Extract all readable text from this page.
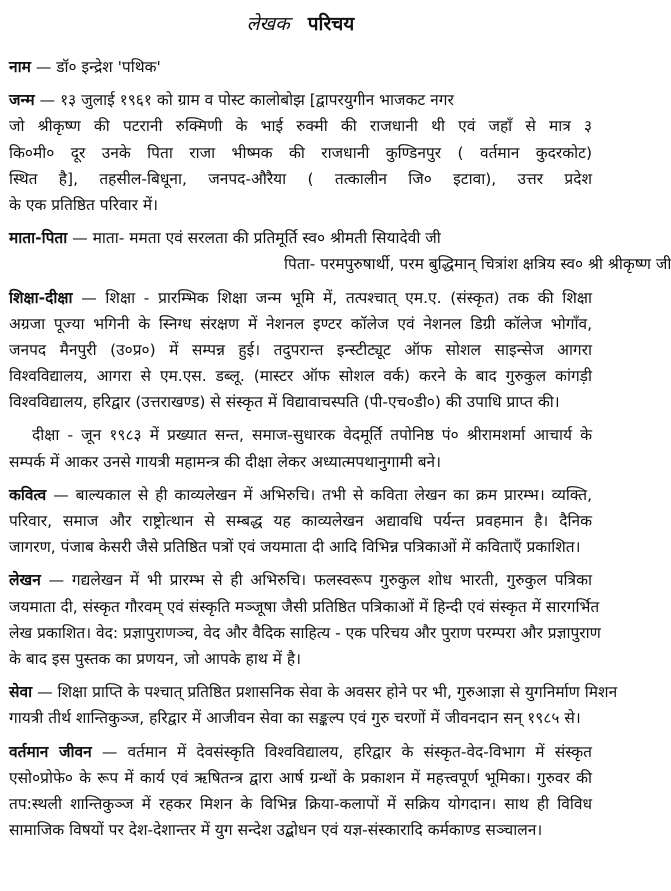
लेखक परिचय
नाम — डॉ० इन्द्रेश 'पथिक'
जन्म — १३ जुलाई १९६१ को ग्राम व पोस्ट कालोबोझ [द्वापरयुगीन भाजकट नगर
जो श्रीकृष्ण की पटरानी रुक्मिणी के भाई रुक्मी की राजधानी थी एवं जहाँ से मात्र ३
कि०मी० दूर उनके पिता राजा भीष्मक की राजधानी कुण्डिनपुर ( वर्तमान कुदरकोट)
स्थित है], तहसील-बिधूना, जनपद-औरैया ( तत्कालीन जि० इटावा), उत्तर प्रदेश
के एक प्रतिष्ठित परिवार में।
माता-पिता — माता- ममता एवं सरलता की प्रतिमूर्ति स्व० श्रीमती सियादेवी जी
पिता- परमपुरुषार्थी, परम बुद्धिमान् चित्रांश क्षत्रिय स्व० श्री श्रीकृष्ण जी
शिक्षा-दीक्षा — शिक्षा - प्रारम्भिक शिक्षा जन्म भूमि में, तत्पश्चात् एम.ए. (संस्कृत) तक की शिक्षा
अग्रजा पूज्या भगिनी के स्निग्ध संरक्षण में नेशनल इण्टर कॉलेज एवं नेशनल डिग्री कॉलेज भोगाँव,
जनपद मैनपुरी (उ०प्र०) में सम्पन्न हुई। तदुपरान्त इन्स्टीट्यूट ऑफ सोशल साइन्सेज आगरा
विश्वविद्यालय, आगरा से एम.एस. डब्लू. (मास्टर ऑफ सोशल वर्क) करने के बाद गुरुकुल कांगड़ी
विश्वविद्यालय, हरिद्वार (उत्तराखण्ड) से संस्कृत में विद्यावाचस्पति (पी-एच०डी०) की उपाधि प्राप्त की।
दीक्षा - जून १९८३ में प्रख्यात सन्त, समाज-सुधारक वेदमूर्ति तपोनिष्ठ पं० श्रीरामशर्मा आचार्य के
सम्पर्क में आकर उनसे गायत्री महामन्त्र की दीक्षा लेकर अध्यात्मपथानुगामी बने।
कवित्व — बाल्यकाल से ही काव्यलेखन में अभिरुचि। तभी से कविता लेखन का क्रम प्रारम्भ। व्यक्ति,
परिवार, समाज और राष्ट्रोत्थान से सम्बद्ध यह काव्यलेखन अद्यावधि पर्यन्त प्रवहमान है। दैनिक
जागरण, पंजाब केसरी जैसे प्रतिष्ठित पत्रों एवं जयमाता दी आदि विभिन्न पत्रिकाओं में कविताएँ प्रकाशित।
लेखन — गद्यलेखन में भी प्रारम्भ से ही अभिरुचि। फलस्वरूप गुरुकुल शोध भारती, गुरुकुल पत्रिका
जयमाता दी, संस्कृत गौरवम् एवं संस्कृति मञ्जूषा जैसी प्रतिष्ठित पत्रिकाओं में हिन्दी एवं संस्कृत में सारगर्भित
लेख प्रकाशित। वेद: प्रज्ञापुराणञ्च, वेद और वैदिक साहित्य - एक परिचय और पुराण परम्परा और प्रज्ञापुराण
के बाद इस पुस्तक का प्रणयन, जो आपके हाथ में है।
सेवा — शिक्षा प्राप्ति के पश्चात् प्रतिष्ठित प्रशासनिक सेवा के अवसर होने पर भी, गुरुआज्ञा से युगनिर्माण मिशन
गायत्री तीर्थ शान्तिकुञ्ज, हरिद्वार में आजीवन सेवा का सङ्कल्प एवं गुरु चरणों में जीवनदान सन् १९८५ से।
वर्तमान जीवन — वर्तमान में देवसंस्कृति विश्वविद्यालय, हरिद्वार के संस्कृत-वेद-विभाग में संस्कृत
एसो०प्रोफे० के रूप में कार्य एवं ऋषितन्त्र द्वारा आर्ष ग्रन्थों के प्रकाशन में महत्त्वपूर्ण भूमिका। गुरुवर की
तप:स्थली शान्तिकुञ्ज में रहकर मिशन के विभिन्न क्रिया-कलापों में सक्रिय योगदान। साथ ही विविध
सामाजिक विषयों पर देश-देशान्तर में युग सन्देश उद्बोधन एवं यज्ञ-संस्कारादि कर्मकाण्ड सञ्चालन।
